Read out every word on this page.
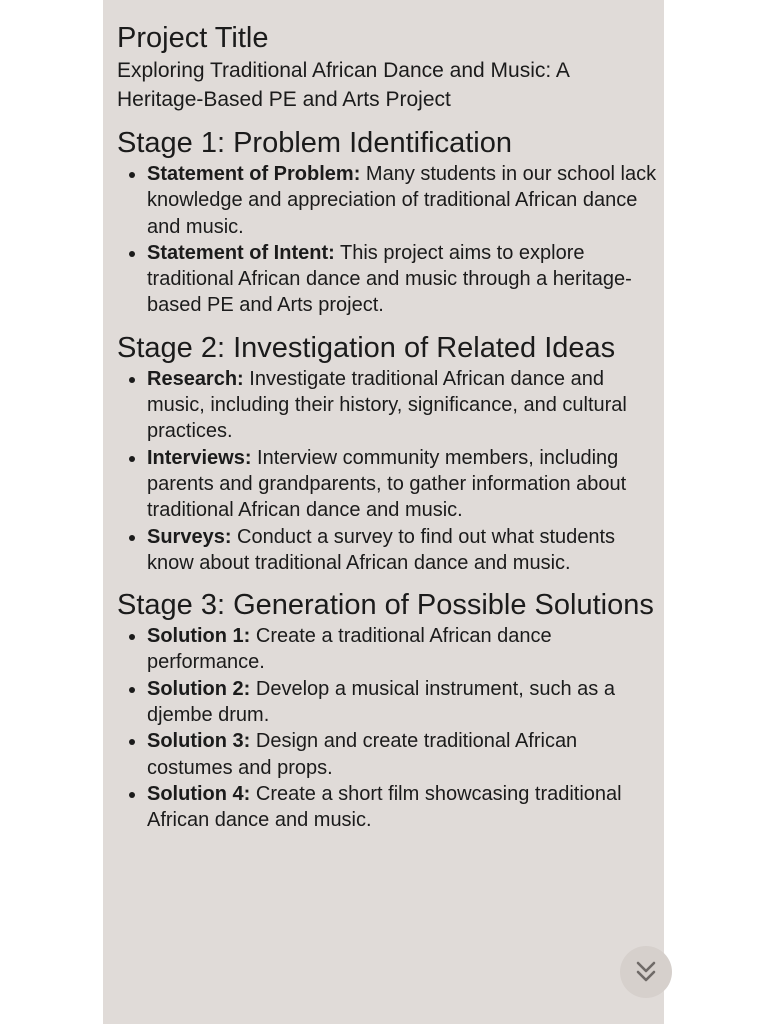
Project Title

Exploring Traditional African Dance and Music: A Heritage-Based PE and Arts Project

Stage 1: Problem Identification
• Statement of Problem: Many students in our school lack knowledge and appreciation of traditional African dance and music.
• Statement of Intent: This project aims to explore traditional African dance and music through a heritage-based PE and Arts project.
Stage 2: Investigation of Related Ideas
• Research: Investigate traditional African dance and music, including their history, significance, and cultural practices.
• Interviews: Interview community members, including parents and grandparents, to gather information about traditional African dance and music.
• Surveys: Conduct a survey to find out what students know about traditional African dance and music.
Stage 3: Generation of Possible Solutions
• Solution 1: Create a traditional African dance performance.
• Solution 2: Develop a musical instrument, such as a djembe drum.
• Solution 3: Design and create traditional African costumes and props.
• Solution 4: Create a short film showcasing traditional African dance and music.
